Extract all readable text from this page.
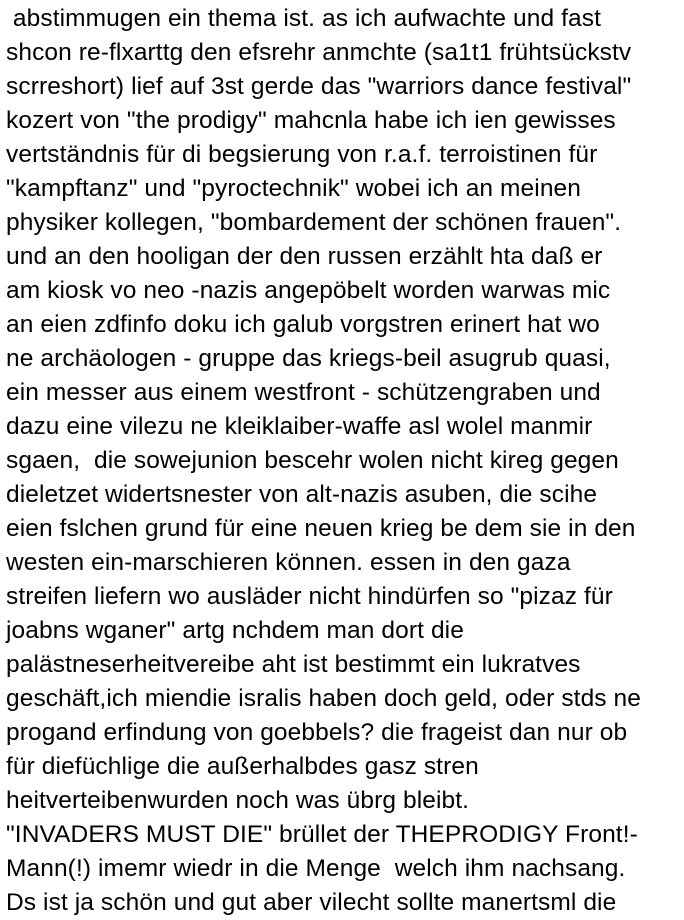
abstimmugen ein thema ist. as ich aufwachte und fast
shcon re-flxarttg den efsrehr anmchte (sa1t1 frühtsückstv
scrreshort) lief auf 3st gerde das "warriors dance festival"
kozert von "the prodigy" mahcnla habe ich ien gewisses
vertständnis für di begsierung von r.a.f. terroistinen für
"kampftanz" und "pyroctechnik" wobei ich an meinen
physiker kollegen, "bombardement der schönen frauen".
und an den hooligan der den russen erzählt hta daß er
am kiosk vo neo -nazis angepöbelt worden warwas mic
an eien zdfinfo doku ich galub vorgstren erinert hat wo
ne archäologen - gruppe das kriegs-beil asugrub quasi,
ein messer aus einem westfront - schützengraben und
dazu eine vilezu ne kleiklaiber-waffe asl wolel manmir
sgaen,  die sowejunion bescehr wolen nicht kireg gegen
dieletzet widertsnester von alt-nazis asuben, die scihe
eien fslchen grund für eine neuen krieg be dem sie in den
westen ein-marschieren können. essen in den gaza
streifen liefern wo ausläder nicht hindürfen so "pizaz für
joabns wganer" artg nchdem man dort die
palästneserheitvereibe aht ist bestimmt ein lukratves
geschäft,ich miendie isralis haben doch geld, oder stds ne
progand erfindung von goebbels? die frageist dan nur ob
für diefüchlige die außerhalbdes gasz stren
heitverteibenwurden noch was übrg bleibt.
"INVADERS MUST DIE" brüllet der THEPRODIGY Front!-
Mann(!) imemr wiedr in die Menge  welch ihm nachsang.
Ds ist ja schön und gut aber vilecht sollte manertsml die
